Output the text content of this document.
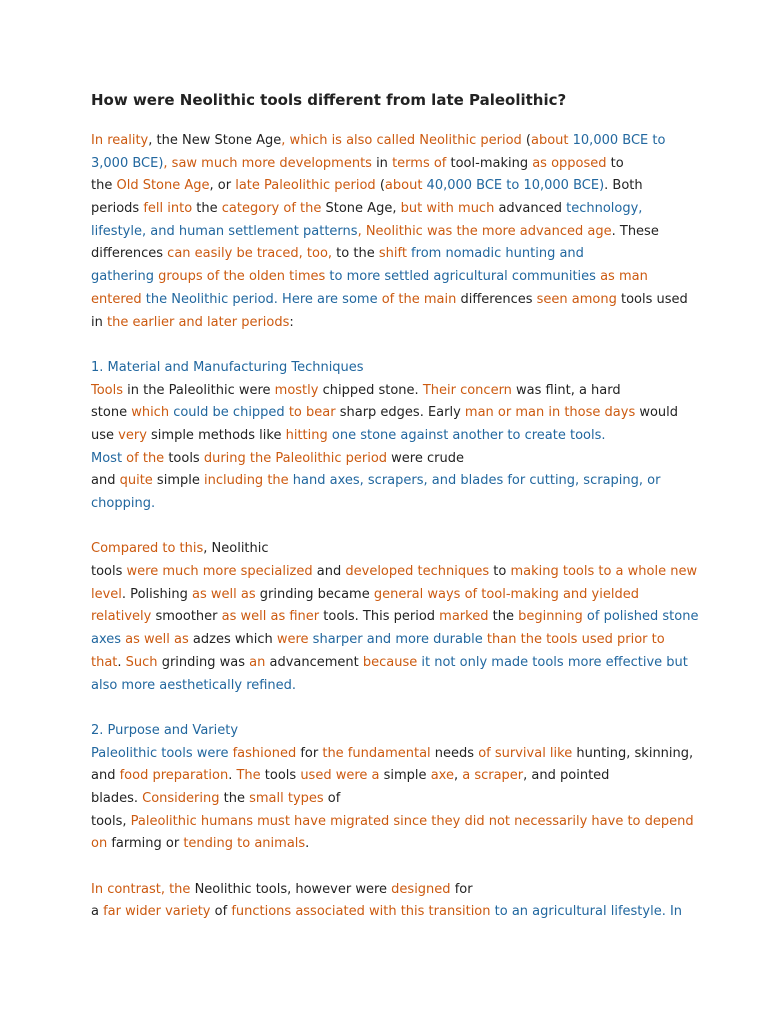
How were Neolithic tools different from late Paleolithic?
In reality, the New Stone Age, which is also called Neolithic period (about 10,000 BCE to
3,000 BCE), saw much more developments in terms of tool-making as opposed to
the Old Stone Age, or late Paleolithic period (about 40,000 BCE to 10,000 BCE). Both
periods fell into the category of the Stone Age, but with much advanced technology,
lifestyle, and human settlement patterns, Neolithic was the more advanced age. These
differences can easily be traced, too, to the shift from nomadic hunting and
gathering groups of the olden times to more settled agricultural communities as man
entered the Neolithic period. Here are some of the main differences seen among tools used
in the earlier and later periods:
1. Material and Manufacturing Techniques
Tools in the Paleolithic were mostly chipped stone. Their concern was flint, a hard
stone which could be chipped to bear sharp edges. Early man or man in those days would
use very simple methods like hitting one stone against another to create tools.
Most of the tools during the Paleolithic period were crude
and quite simple including the hand axes, scrapers, and blades for cutting, scraping, or
chopping.
Compared to this, Neolithic
tools were much more specialized and developed techniques to making tools to a whole new
level. Polishing as well as grinding became general ways of tool-making and yielded
relatively smoother as well as finer tools. This period marked the beginning of polished stone
axes as well as adzes which were sharper and more durable than the tools used prior to
that. Such grinding was an advancement because it not only made tools more effective but
also more aesthetically refined.
2. Purpose and Variety
Paleolithic tools were fashioned for the fundamental needs of survival like hunting, skinning,
and food preparation. The tools used were a simple axe, a scraper, and pointed
blades. Considering the small types of
tools, Paleolithic humans must have migrated since they did not necessarily have to depend
on farming or tending to animals.
In contrast, the Neolithic tools, however were designed for
a far wider variety of functions associated with this transition to an agricultural lifestyle. In
